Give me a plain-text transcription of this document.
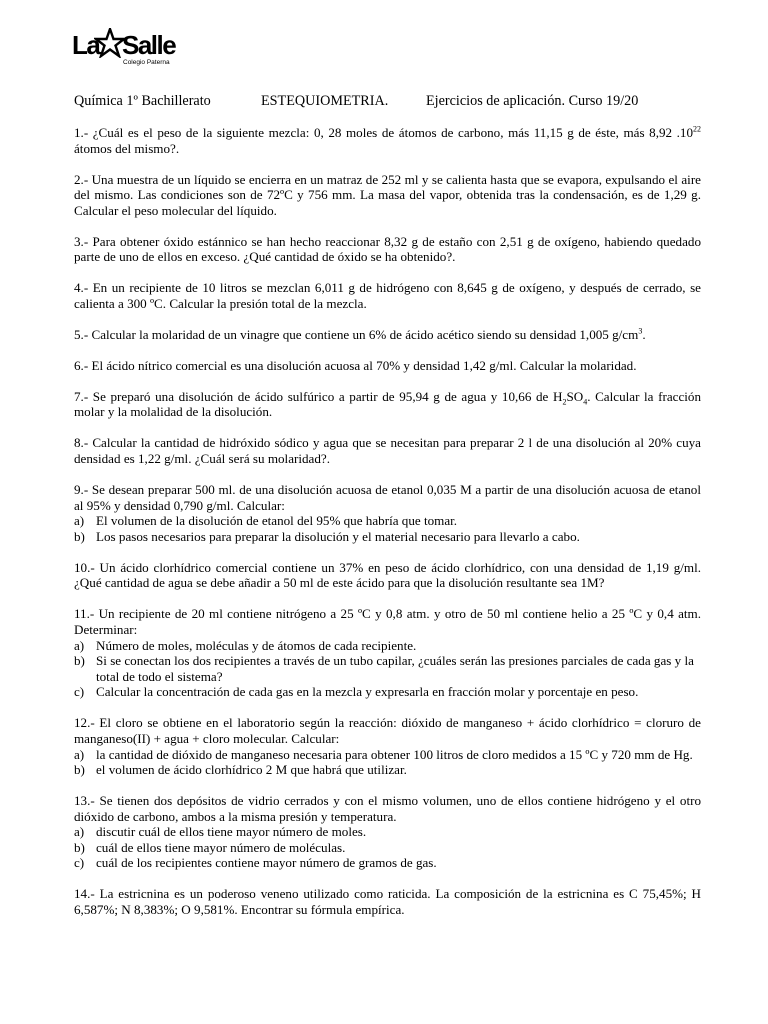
La Salle
Colegio Paterna
Química 1º Bachillerato	ESTEQUIOMETRIA.	Ejercicios de aplicación. Curso 19/20

1.- ¿Cuál es el peso de la siguiente mezcla: 0, 28 moles de átomos de carbono, más 11,15 g de éste, más 8,92 $.10^{22}$ átomos del mismo?.

2.- Una muestra de un líquido se encierra en un matraz de 252 ml y se calienta hasta que se evapora, expulsando el aire del mismo. Las condiciones son de 72ºC y 756 mm. La masa del vapor, obtenida tras la condensación, es de 1,29 g. Calcular el peso molecular del líquido.

3.- Para obtener óxido estánnico se han hecho reaccionar 8,32 g de estaño con 2,51 g de oxígeno, habiendo quedado parte de uno de ellos en exceso. ¿Qué cantidad de óxido se ha obtenido?.

4.- En un recipiente de 10 litros se mezclan 6,011 g de hidrógeno con 8,645 g de oxígeno, y después de cerrado, se calienta a 300 ºC. Calcular la presión total de la mezcla.

5.- Calcular la molaridad de un vinagre que contiene un 6% de ácido acético siendo su densidad 1,005 $g/cm^3$.

6.- El ácido nítrico comercial es una disolución acuosa al 70% y densidad 1,42 g/ml. Calcular la molaridad.

7.- Se preparó una disolución de ácido sulfúrico a partir de 95,94 g de agua y 10,66 de $H_2SO_4$. Calcular la fracción molar y la molalidad de la disolución.

8.- Calcular la cantidad de hidróxido sódico y agua que se necesitan para preparar 2 l de una disolución al 20% cuya densidad es 1,22 g/ml. ¿Cuál será su molaridad?.

9.- Se desean preparar 500 ml. de una disolución acuosa de etanol 0,035 M a partir de una disolución acuosa de etanol al 95% y densidad 0,790 g/ml. Calcular:

a) El volumen de la disolución de etanol del 95% que habría que tomar.
b) Los pasos necesarios para preparar la disolución y el material necesario para llevarlo a cabo.

10.- Un ácido clorhídrico comercial contiene un 37% en peso de ácido clorhídrico, con una densidad de 1,19 g/ml. ¿Qué cantidad de agua se debe añadir a 50 ml de este ácido para que la disolución resultante sea 1M?

11.- Un recipiente de 20 ml contiene nitrógeno a 25 ºC y 0,8 atm. y otro de 50 ml contiene helio a 25 ºC y 0,4 atm. Determinar:

a) Número de moles, moléculas y de átomos de cada recipiente.
b) Si se conectan los dos recipientes a través de un tubo capilar, ¿cuáles serán las presiones parciales de cada gas y la total de todo el sistema?
c) Calcular la concentración de cada gas en la mezcla y expresarla en fracción molar y porcentaje en peso.

12.- El cloro se obtiene en el laboratorio según la reacción: dióxido de manganeso + ácido clorhídrico = cloruro de manganeso(II) + agua + cloro molecular. Calcular:

a) la cantidad de dióxido de manganeso necesaria para obtener 100 litros de cloro medidos a 15 ºC y 720 mm de Hg.
b) el volumen de ácido clorhídrico 2 M que habrá que utilizar.

13.- Se tienen dos depósitos de vidrio cerrados y con el mismo volumen, uno de ellos contiene hidrógeno y el otro dióxido de carbono, ambos a la misma presión y temperatura.

a) discutir cuál de ellos tiene mayor número de moles.
b) cuál de ellos tiene mayor número de moléculas.
c) cuál de los recipientes contiene mayor número de gramos de gas.

14.- La estricnina es un poderoso veneno utilizado como raticida. La composición de la estricnina es C 75,45%; H 6,587%; N 8,383%; O 9,581%. Encontrar su fórmula empírica.
